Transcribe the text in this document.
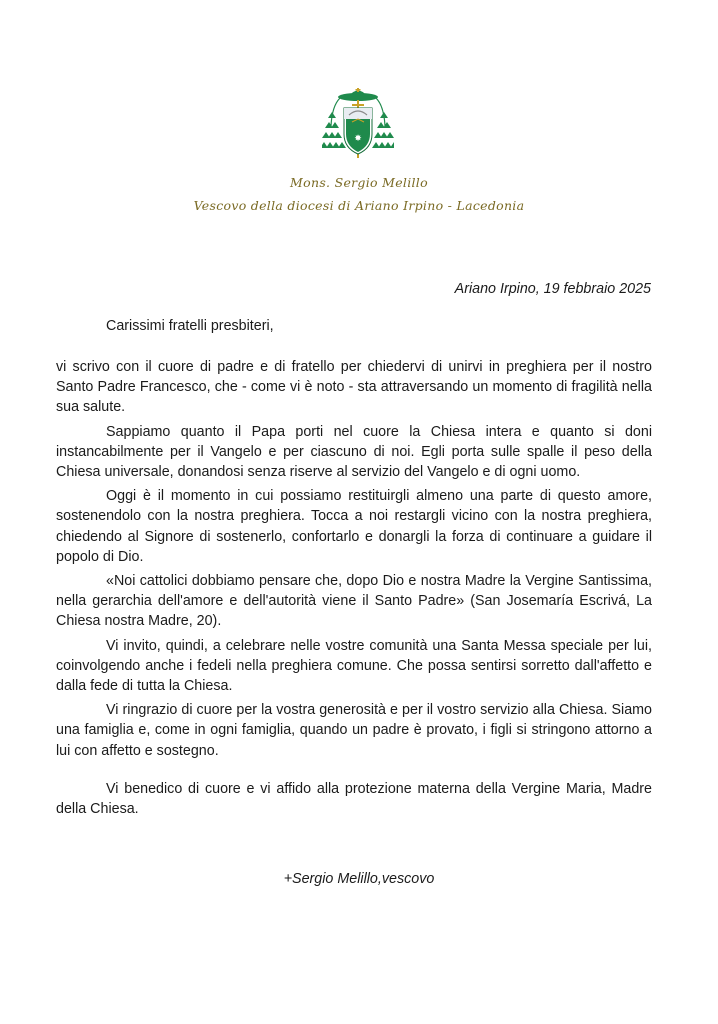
✸
Mons. Sergio Melillo
Vescovo della diocesi di Ariano Irpino - Lacedonia
Ariano Irpino, 19 febbraio 2025
Carissimi fratelli presbiteri,

vi scrivo con il cuore di padre e di fratello per chiedervi di unirvi in preghiera per il nostro Santo Padre Francesco, che - come vi è noto - sta attraversando un momento di fragilità nella sua salute.

Sappiamo quanto il Papa porti nel cuore la Chiesa intera e quanto si doni instancabilmente per il Vangelo e per ciascuno di noi. Egli porta sulle spalle il peso della Chiesa universale, donandosi senza riserve al servizio del Vangelo e di ogni uomo.

Oggi è il momento in cui possiamo restituirgli almeno una parte di questo amore, sostenendolo con la nostra preghiera. Tocca a noi restargli vicino con la nostra preghiera, chiedendo al Signore di sostenerlo, confortarlo e donargli la forza di continuare a guidare il popolo di Dio.

«Noi cattolici dobbiamo pensare che, dopo Dio e nostra Madre la Vergine Santissima, nella gerarchia dell'amore e dell'autorità viene il Santo Padre» (San Josemaría Escrivá, La Chiesa nostra Madre, 20).

Vi invito, quindi, a celebrare nelle vostre comunità una Santa Messa speciale per lui, coinvolgendo anche i fedeli nella preghiera comune. Che possa sentirsi sorretto dall'affetto e dalla fede di tutta la Chiesa.

Vi ringrazio di cuore per la vostra generosità e per il vostro servizio alla Chiesa. Siamo una famiglia e, come in ogni famiglia, quando un padre è provato, i figli si stringono attorno a lui con affetto e sostegno.

Vi benedico di cuore e vi affido alla protezione materna della Vergine Maria, Madre della Chiesa.

+Sergio Melillo,vescovo
